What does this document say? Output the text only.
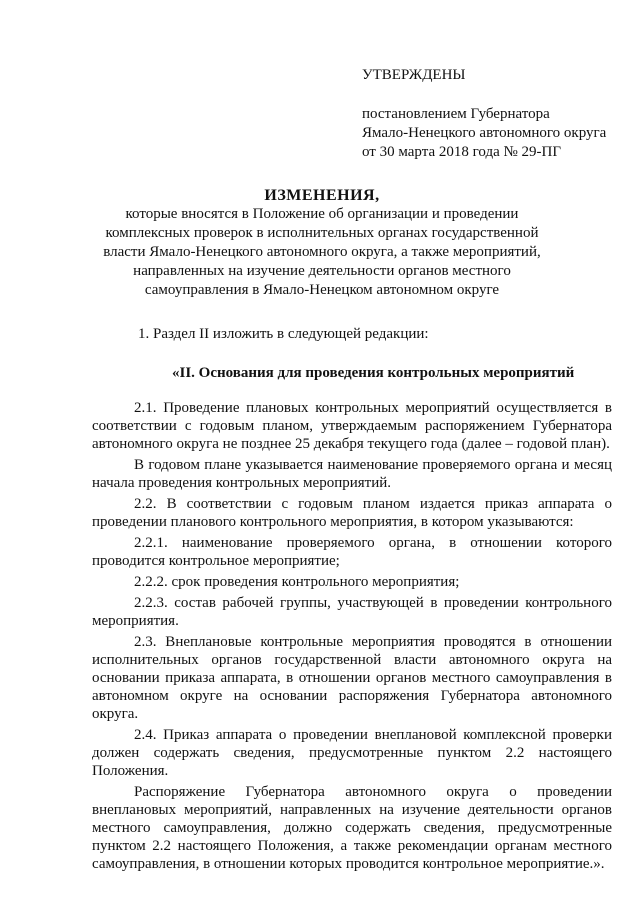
УТВЕРЖДЕНЫ
постановлением Губернатора
Ямало-Ненецкого автономного округа
от 30 марта 2018 года № 29-ПГ
ИЗМЕНЕНИЯ,
которые вносятся в Положение об организации и проведении комплексных проверок в исполнительных органах государственной власти Ямало-Ненецкого автономного округа, а также мероприятий, направленных на изучение деятельности органов местного самоуправления в Ямало-Ненецком автономном округе
1. Раздел II изложить в следующей редакции:
«II. Основания для проведения контрольных мероприятий

2.1. Проведение плановых контрольных мероприятий осуществляется в соответствии с годовым планом, утверждаемым распоряжением Губернатора автономного округа не позднее 25 декабря текущего года (далее – годовой план).

В годовом плане указывается наименование проверяемого органа и месяц начала проведения контрольных мероприятий.

2.2. В соответствии с годовым планом издается приказ аппарата о проведении планового контрольного мероприятия, в котором указываются:

2.2.1. наименование проверяемого органа, в отношении которого проводится контрольное мероприятие;

2.2.2. срок проведения контрольного мероприятия;

2.2.3. состав рабочей группы, участвующей в проведении контрольного мероприятия.

2.3. Внеплановые контрольные мероприятия проводятся в отношении исполнительных органов государственной власти автономного округа на основании приказа аппарата, в отношении органов местного самоуправления в автономном округе на основании распоряжения Губернатора автономного округа.

2.4. Приказ аппарата о проведении внеплановой комплексной проверки должен содержать сведения, предусмотренные пунктом 2.2 настоящего Положения.

Распоряжение Губернатора автономного округа о проведении внеплановых мероприятий, направленных на изучение деятельности органов местного самоуправления, должно содержать сведения, предусмотренные пунктом 2.2 настоящего Положения, а также рекомендации органам местного самоуправления, в отношении которых проводится контрольное мероприятие.».
